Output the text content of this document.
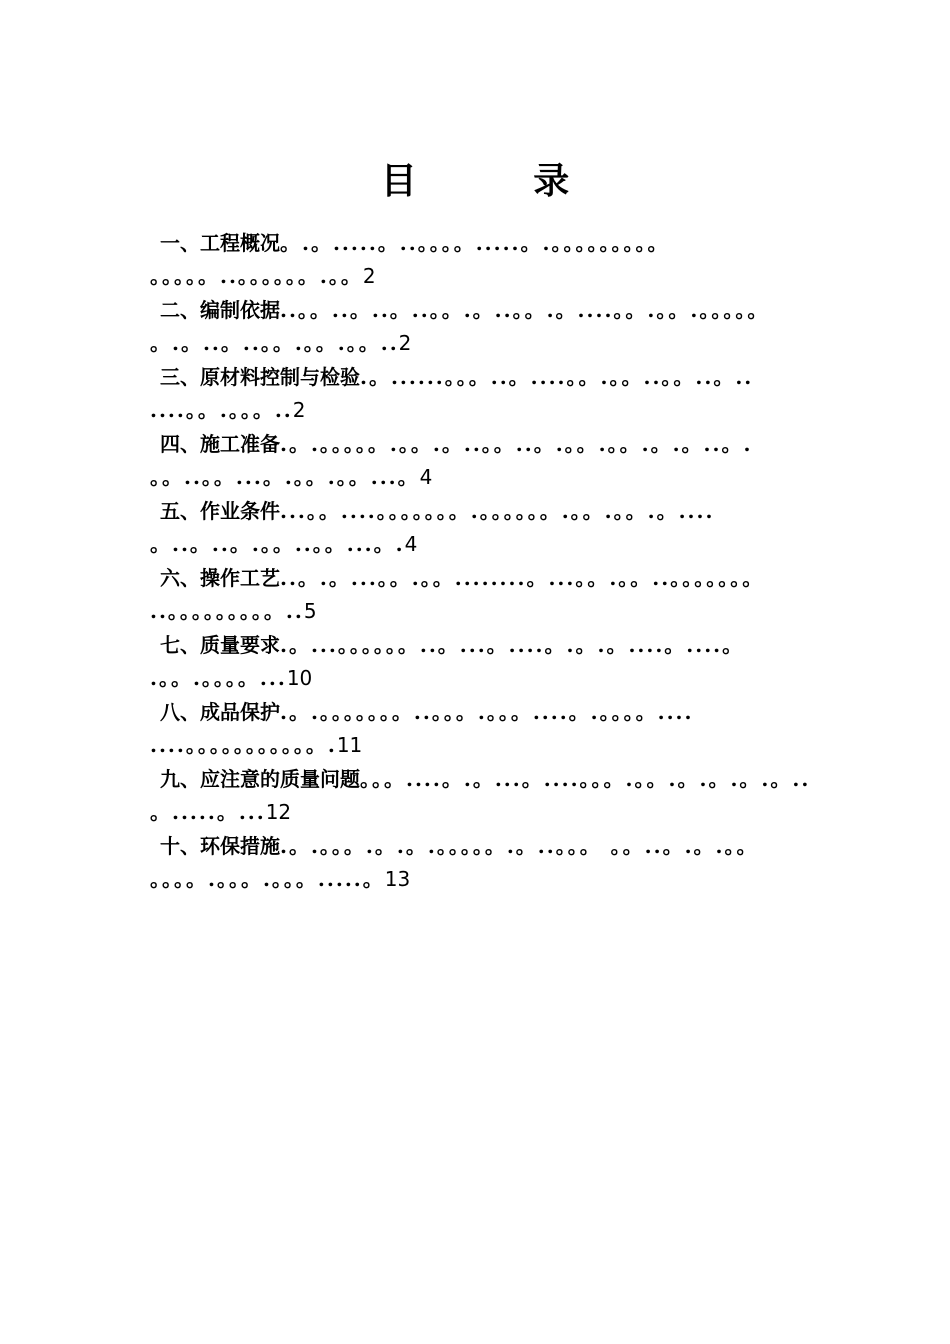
目 录
一、工程概况。.。.....。..。。。。.....。.。。。。。。。。。
。。。。。..。。。。。。.。。2
二、编制依据..。。..。..。..。。.。..。。.。....。。.。。.。。。。。
。.。..。..。。.。。.。。..2
三、原材料控制与检验.。......。。。..。....。。.。。..。。..。..
....。。.。。。..2
四、施工准备.。.。。。。。.。。.。..。。..。.。。.。。.。.。..。.
。。..。。...。.。。.。。...。4
五、作业条件...。。....。。。。。。。.。。。。。。.。。.。。.。....
。..。..。.。。..。。...。.4
六、操作工艺..。.。...。。.。。........。...。。.。。..。。。。。。。
..。。。。。。。。。..5
七、质量要求.。...。。。。。。..。...。....。.。.。....。....。
.。。.。。。。...10
八、成品保护.。.。。。。。。。..。。。.。。。....。.。。。。....
....。。。。。。。。。。。.11
九、应注意的质量问题。。。....。.。...。....。。。.。。.。.。.。.。..
。.....。...12
十、环保措施.。.。。。.。.。.。。。。。.。..。。。 。。..。.。.。。
。。。。.。。。.。。。.....。13
